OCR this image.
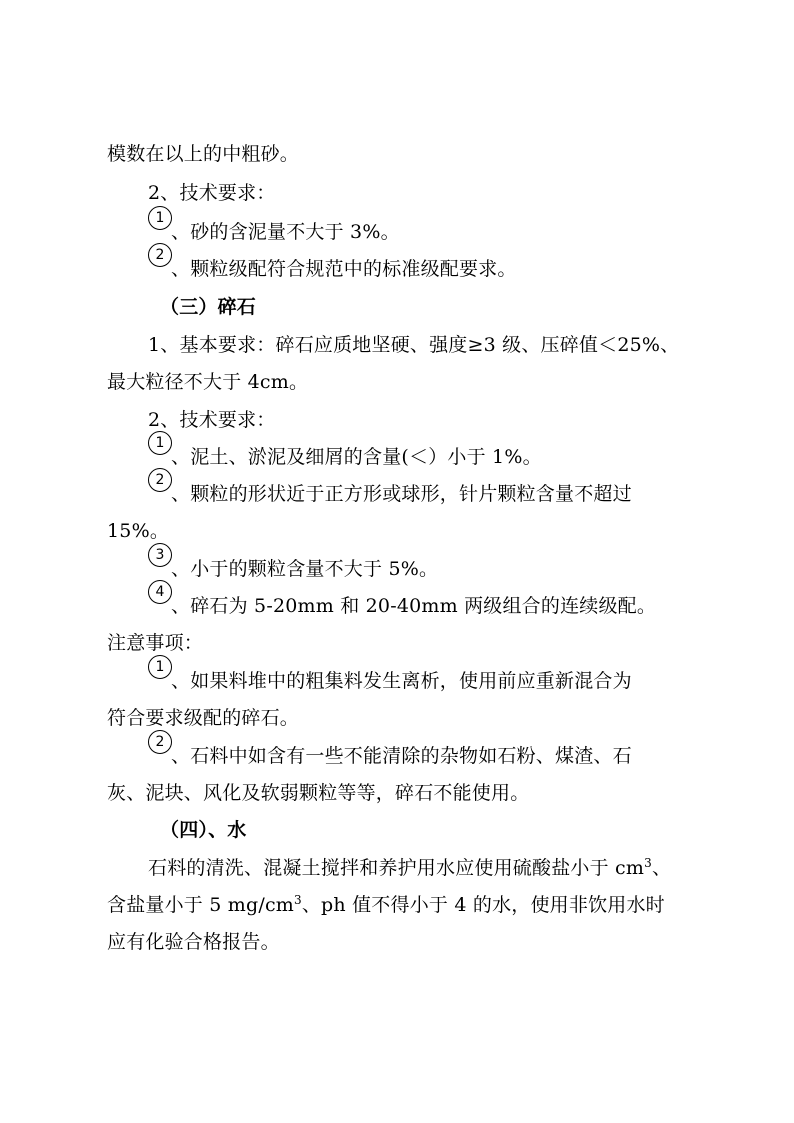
模数在以上的中粗砂。
2、技术要求：
1
、砂的含泥量不大于 3%。
2
、颗粒级配符合规范中的标准级配要求。
（三）碎石
1、基本要求：碎石应质地坚硬、强度≥3 级、压碎值＜25%、
最大粒径不大于 4cm。
2、技术要求：
1
、泥土、淤泥及细屑的含量(＜）小于 1%。
2
、颗粒的形状近于正方形或球形，针片颗粒含量不超过
15%。
3
、小于的颗粒含量不大于 5%。
4
、碎石为 5-20mm 和 20-40mm 两级组合的连续级配。
注意事项：
1
、如果料堆中的粗集料发生离析，使用前应重新混合为
符合要求级配的碎石。
2
、石料中如含有一些不能清除的杂物如石粉、煤渣、石
灰、泥块、风化及软弱颗粒等等，碎石不能使用。
（四）、水
石料的清洗、混凝土搅拌和养护用水应使用硫酸盐小于 $cm^3$、
含盐量小于 5 $mg/cm^3$、ph 值不得小于 4 的水，使用非饮用水时
应有化验合格报告。
